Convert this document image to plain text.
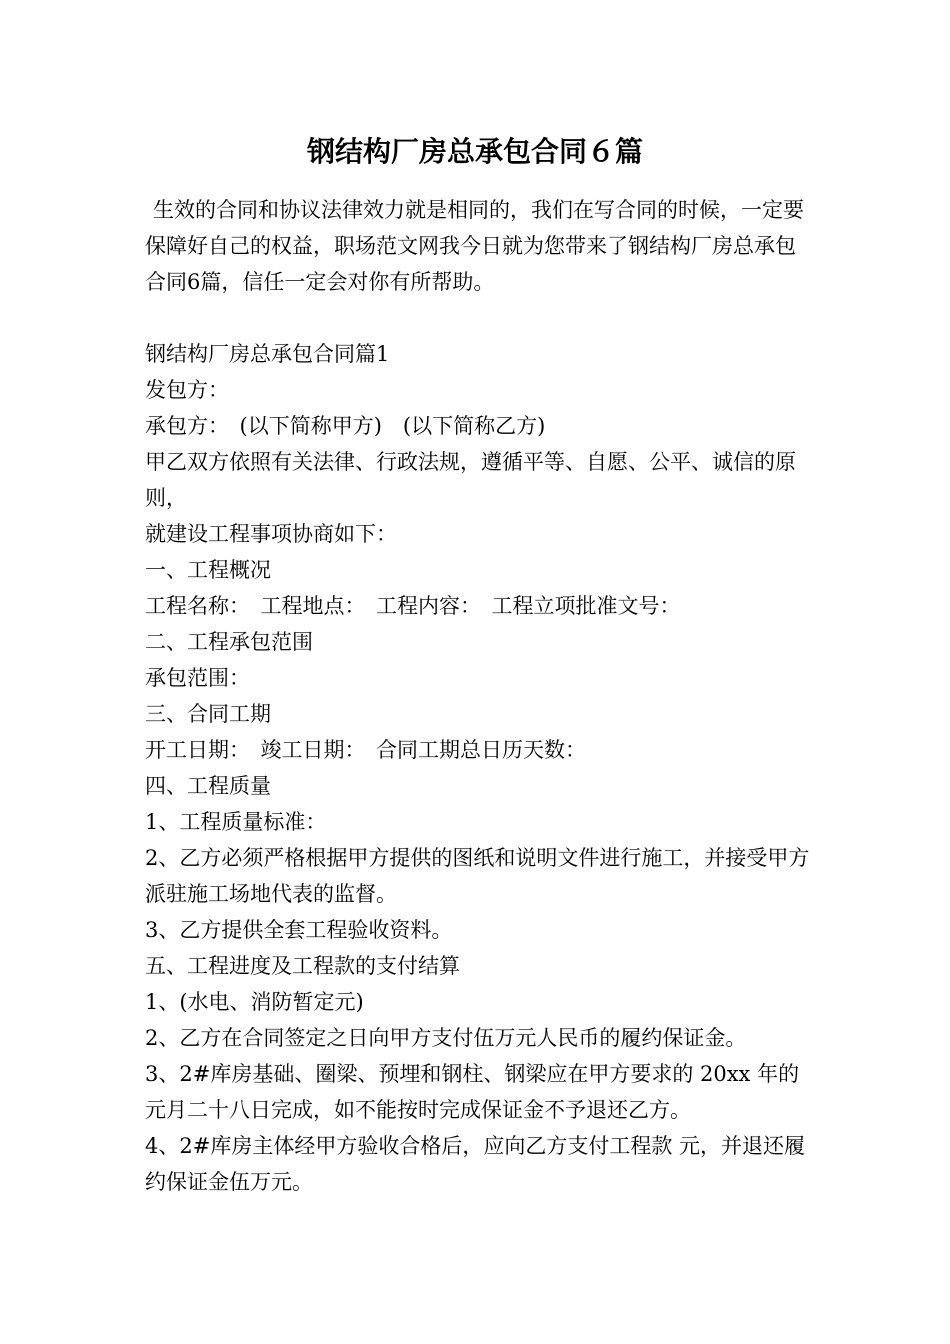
钢结构厂房总承包合同６篇

生效的合同和协议法律效力就是相同的，我们在写合同的时候，一定要保障好自己的权益，职场范文网我今日就为您带来了钢结构厂房总承包合同6篇，信任一定会对你有所帮助。

钢结构厂房总承包合同篇1

发包方：

承包方：　(以下简称甲方)　(以下简称乙方)

甲乙双方依照有关法律、行政法规，遵循平等、自愿、公平、诚信的原则，

就建设工程事项协商如下：

一、工程概况

工程名称：　工程地点：　工程内容：　工程立项批准文号：

二、工程承包范围

承包范围：

三、合同工期

开工日期：　竣工日期：　合同工期总日历天数：

四、工程质量

1、工程质量标准：

2、乙方必须严格根据甲方提供的图纸和说明文件进行施工，并接受甲方派驻施工场地代表的监督。

3、乙方提供全套工程验收资料。

五、工程进度及工程款的支付结算

1、(水电、消防暂定元)

2、乙方在合同签定之日向甲方支付伍万元人民币的履约保证金。

3、2#库房基础、圈梁、预埋和钢柱、钢梁应在甲方要求的 20xx 年的元月二十八日完成，如不能按时完成保证金不予退还乙方。

4、2#库房主体经甲方验收合格后，应向乙方支付工程款 元，并退还履约保证金伍万元。
